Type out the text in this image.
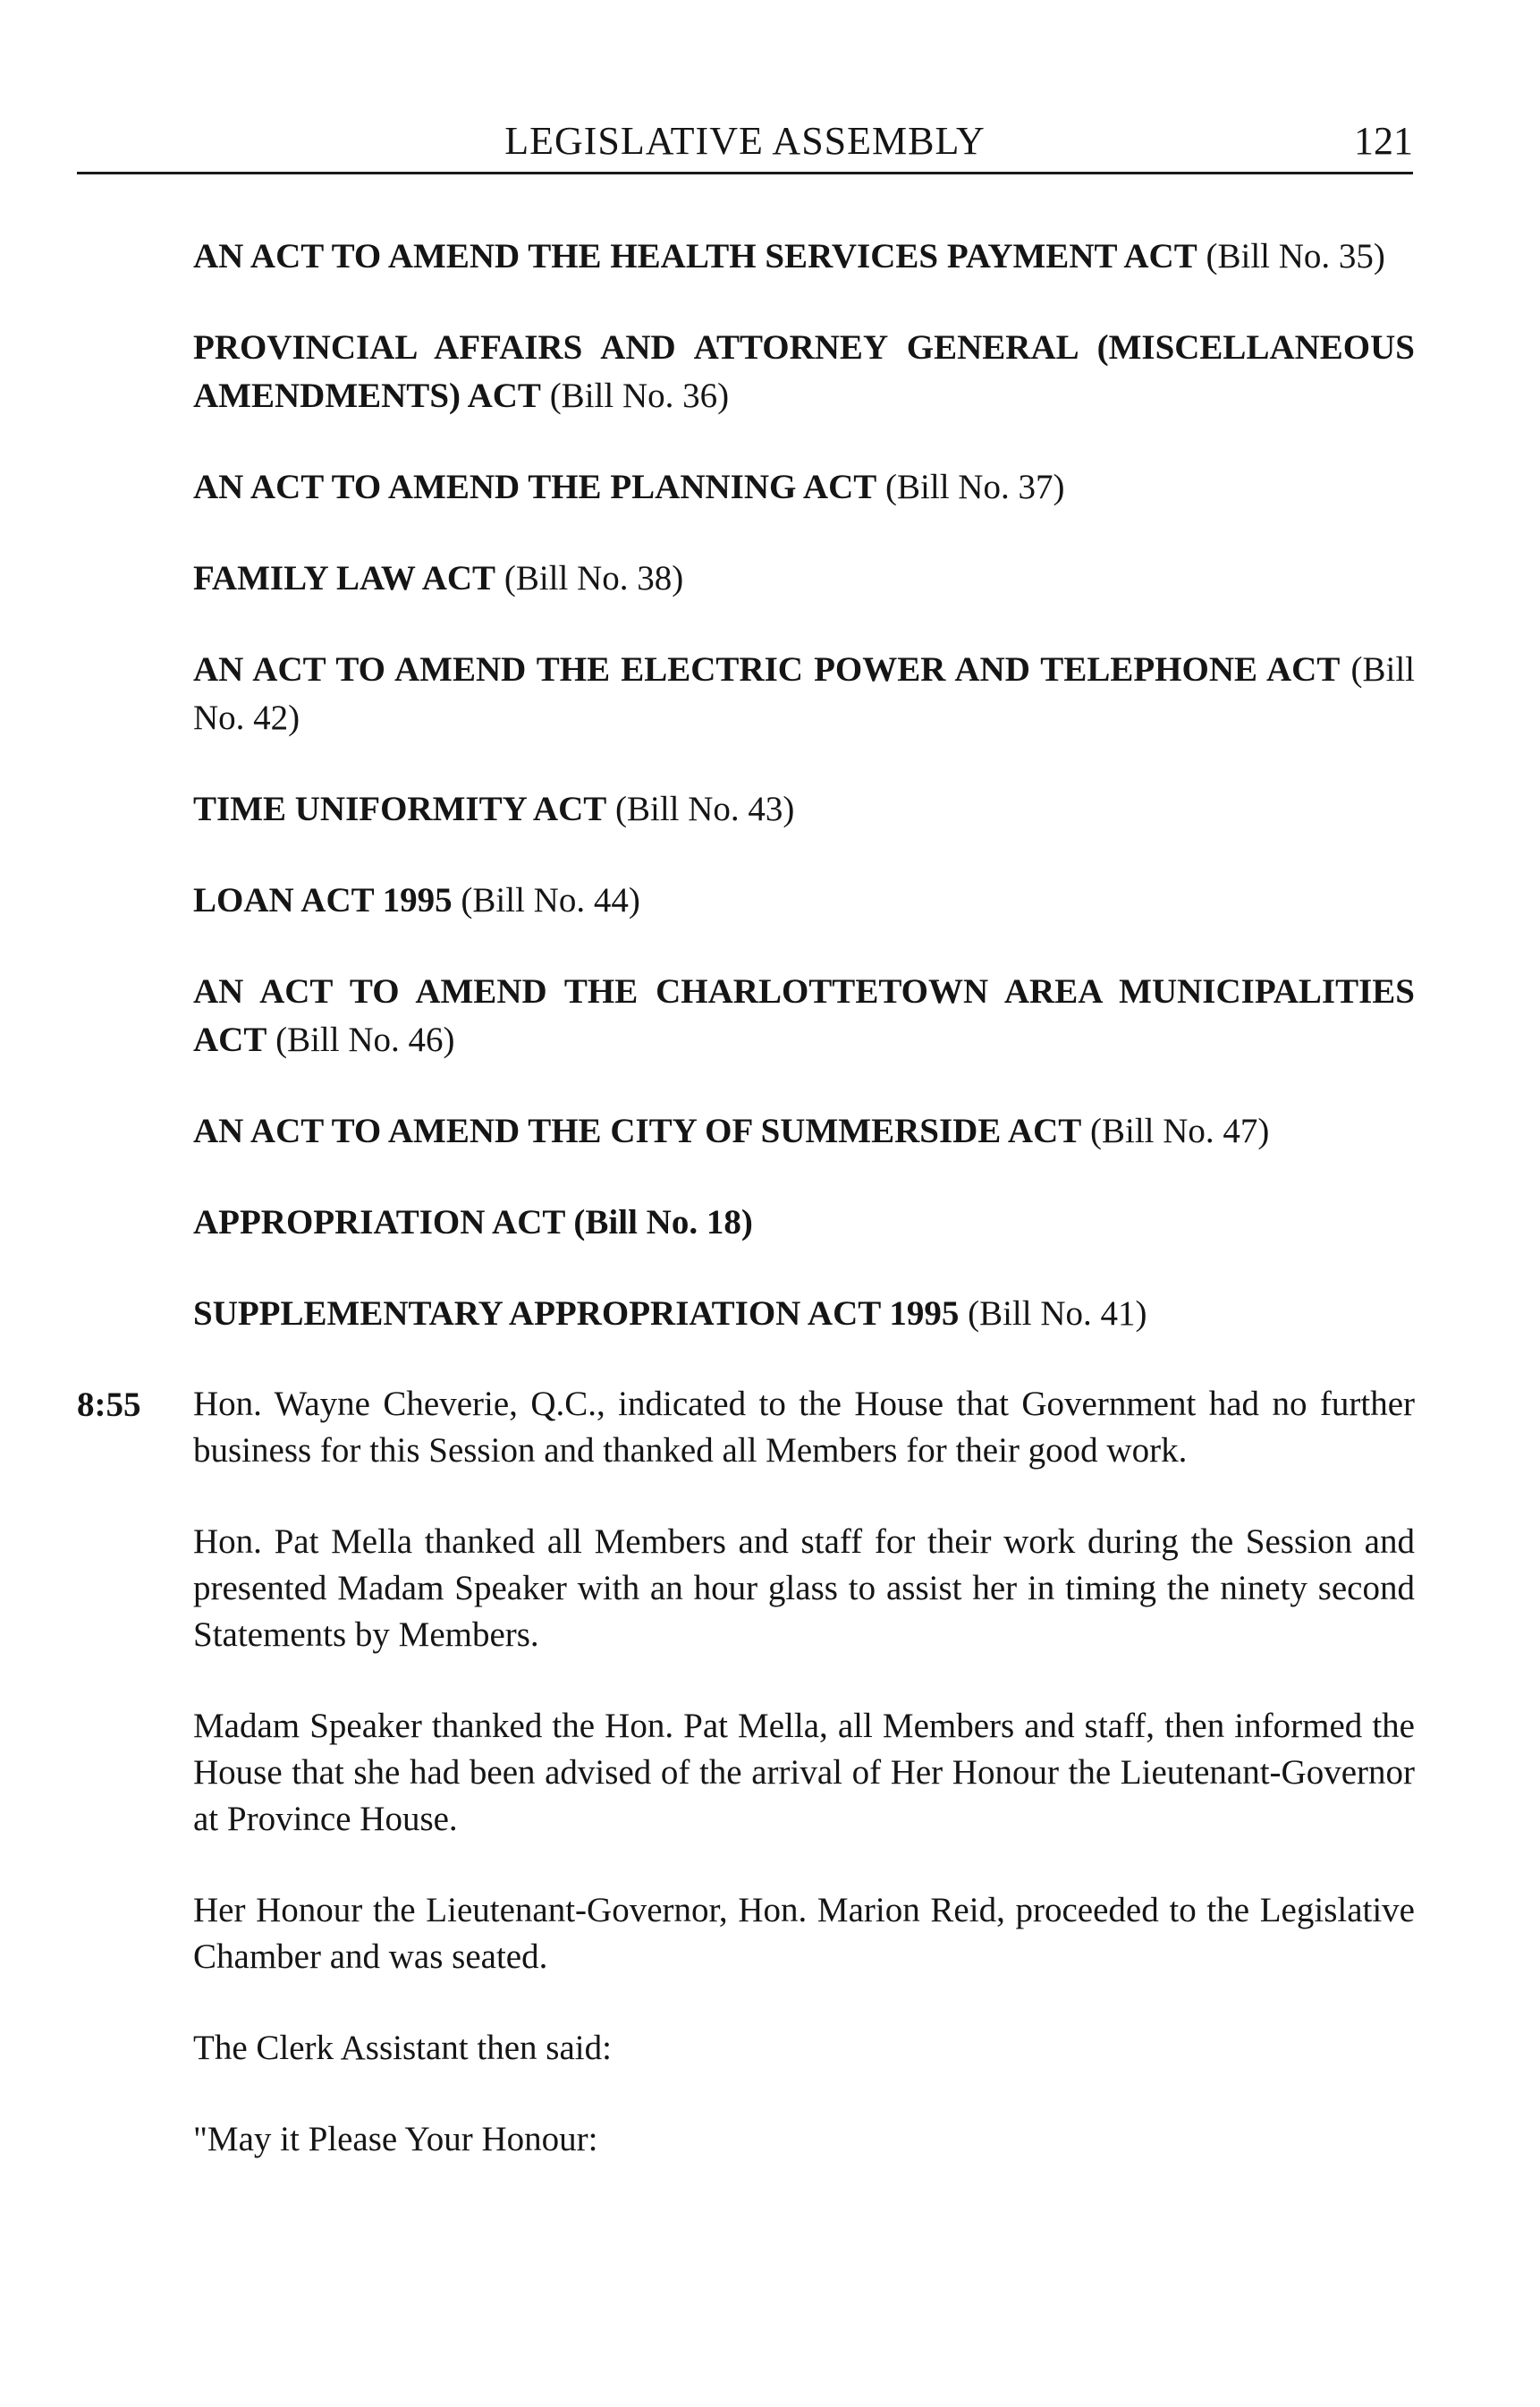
LEGISLATIVE ASSEMBLY	121

AN ACT TO AMEND THE HEALTH SERVICES PAYMENT ACT (Bill No. 35)

PROVINCIAL AFFAIRS AND ATTORNEY GENERAL (MISCELLANEOUS AMENDMENTS) ACT (Bill No. 36)

AN ACT TO AMEND THE PLANNING ACT (Bill No. 37)

FAMILY LAW ACT (Bill No. 38)

AN ACT TO AMEND THE ELECTRIC POWER AND TELEPHONE ACT (Bill No. 42)

TIME UNIFORMITY ACT (Bill No. 43)

LOAN ACT 1995 (Bill No. 44)

AN ACT TO AMEND THE CHARLOTTETOWN AREA MUNICIPALITIES ACT (Bill No. 46)

AN ACT TO AMEND THE CITY OF SUMMERSIDE ACT (Bill No. 47)

APPROPRIATION ACT (Bill No. 18)

SUPPLEMENTARY APPROPRIATION ACT 1995 (Bill No. 41)

8:55 Hon. Wayne Cheverie, Q.C., indicated to the House that Government had no further business for this Session and thanked all Members for their good work.

Hon. Pat Mella thanked all Members and staff for their work during the Session and presented Madam Speaker with an hour glass to assist her in timing the ninety second Statements by Members.

Madam Speaker thanked the Hon. Pat Mella, all Members and staff, then informed the House that she had been advised of the arrival of Her Honour the Lieutenant-Governor at Province House.

Her Honour the Lieutenant-Governor, Hon. Marion Reid, proceeded to the Legislative Chamber and was seated.

The Clerk Assistant then said:

"May it Please Your Honour:
